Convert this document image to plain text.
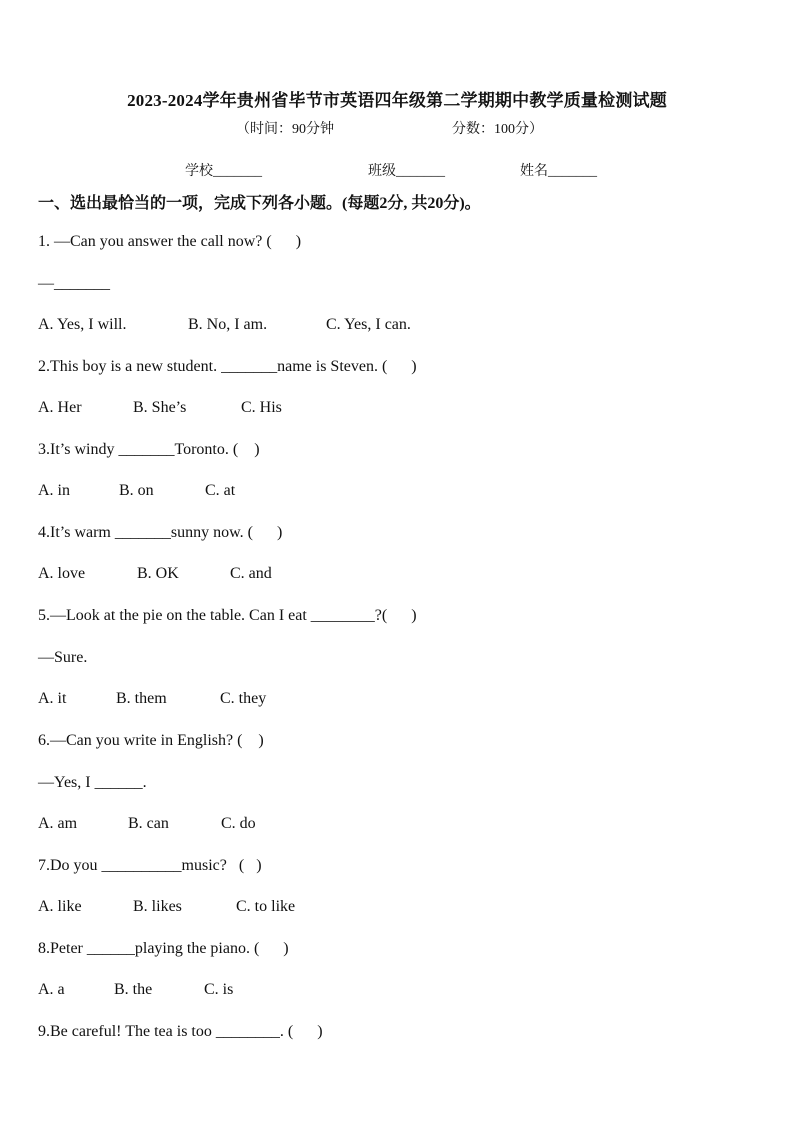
2023-2024学年贵州省毕节市英语四年级第二学期期中教学质量检测试题
（时间：90分钟	分数：100分）
学校_______	班级_______	姓名_______
一、选出最恰当的一项，完成下列各小题。(每题2分, 共20分)。
1. —Can you answer the call now? (      )
—_______
A. Yes, I will.	B. No, I am.	C. Yes, I can.
2.This boy is a new student. _______name is Steven. (      )
A. Her	B. She’s	C. His
3.It’s windy _______Toronto. (    )
A. in	B. on	C. at
4.It’s warm _______sunny now. (      )
A. love	B. OK	C. and
5.—Look at the pie on the table. Can I eat ________?(      )
—Sure.
A. it	B. them	C. they
6.—Can you write in English? (    )
—Yes, I ______.
A. am	B. can	C. do
7.Do you __________music?   (   )
A. like	B. likes	C. to like
8.Peter ______playing the piano. (      )
A. a	B. the	C. is
9.Be careful! The tea is too ________. (      )
